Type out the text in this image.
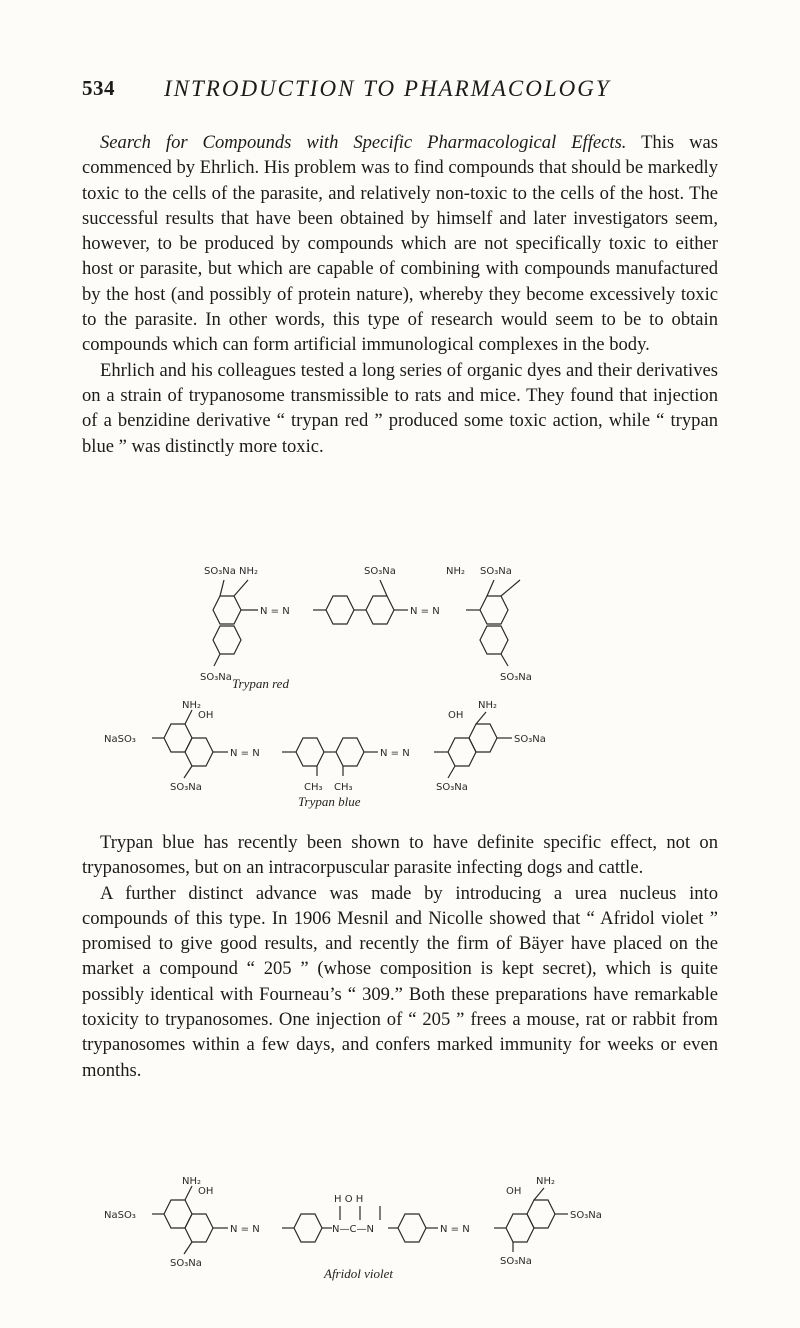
534 INTRODUCTION TO PHARMACOLOGY

Search for Compounds with Specific Pharmacological Effects. This was commenced by Ehrlich. His problem was to find compounds that should be markedly toxic to the cells of the parasite, and relatively non-toxic to the cells of the host. The successful results that have been obtained by himself and later investigators seem, however, to be produced by compounds which are not specifically toxic to either host or parasite, but which are capable of combining with compounds manufactured by the host (and possibly of protein nature), whereby they become excessively toxic to the parasite. In other words, this type of research would seem to be to obtain compounds which can form artificial immunological complexes in the body.

Ehrlich and his colleagues tested a long series of organic dyes and their derivatives on a strain of trypanosome transmissible to rats and mice. They found that injection of a benzidine derivative “ trypan red ” produced some toxic action, while “ trypan blue ” was distinctly more toxic.

SO₃Na NH₂	SO₃Na	NH₂ SO₃Na
N = N	N = N
SO₃Na	SO₃Na
Trypan red
NH₂
OH
NaSO₃
N = N	N = N
SO₃Na	CH₃ CH₃
NH₂
OH
SO₃Na
SO₃Na
Trypan blue

Trypan blue has recently been shown to have definite specific effect, not on trypanosomes, but on an intracorpuscular parasite infecting dogs and cattle.

A further distinct advance was made by introducing a urea nucleus into compounds of this type. In 1906 Mesnil and Nicolle showed that “ Afridol violet ” promised to give good results, and recently the firm of Bäyer have placed on the market a compound “ 205 ” (whose composition is kept secret), which is quite possibly identical with Fourneau’s “ 309.” Both these preparations have remarkable toxicity to trypanosomes. One injection of “ 205 ” frees a mouse, rat or rabbit from trypanosomes within a few days, and confers marked immunity for weeks or even months.

NH₂
OH
NaSO₃
N = N
H O H
N—C—N	N = N
SO₃Na
NH₂
OH
SO₃Na
SO₃Na
Afridol violet
